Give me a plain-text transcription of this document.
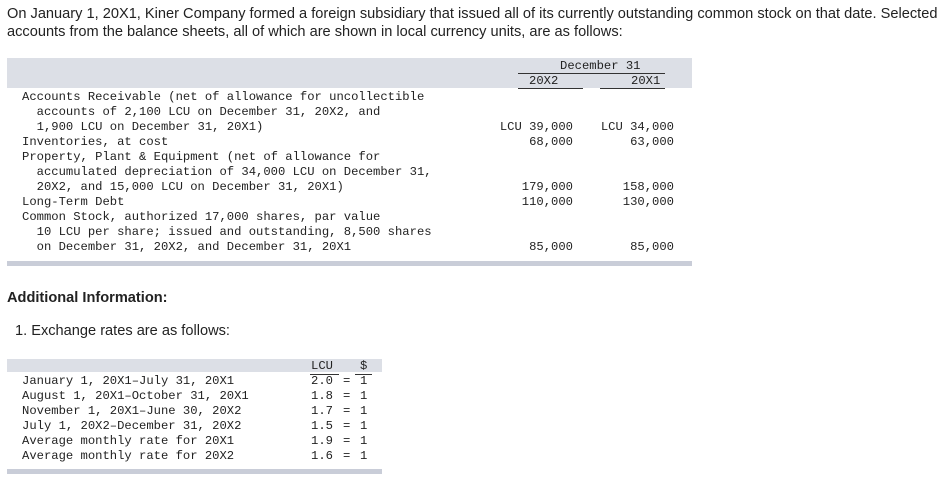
On January 1, 20X1, Kiner Company formed a foreign subsidiary that issued all of its currently outstanding common stock on that date. Selected accounts from the balance sheets, all of which are shown in local currency units, are as follows:
December 31
20X2	20X1
Accounts Receivable (net of allowance for uncollectible
accounts of 2,100 LCU on December 31, 20X2, and
1,900 LCU on December 31, 20X1)	LCU 39,000	LCU 34,000
Inventories, at cost	68,000	63,000
Property, Plant & Equipment (net of allowance for
accumulated depreciation of 34,000 LCU on December 31,
20X2, and 15,000 LCU on December 31, 20X1)	179,000	158,000
Long-Term Debt	110,000	130,000
Common Stock, authorized 17,000 shares, par value
10 LCU per share; issued and outstanding, 8,500 shares
on December 31, 20X2, and December 31, 20X1	85,000	85,000
Additional Information:
1. Exchange rates are as follows:
LCU $
January 1, 20X1–July 31, 20X1	2.0 = 1
August 1, 20X1–October 31, 20X1	1.8 = 1
November 1, 20X1–June 30, 20X2	1.7 = 1
July 1, 20X2–December 31, 20X2	1.5 = 1
Average monthly rate for 20X1	1.9 = 1
Average monthly rate for 20X2	1.6 = 1
